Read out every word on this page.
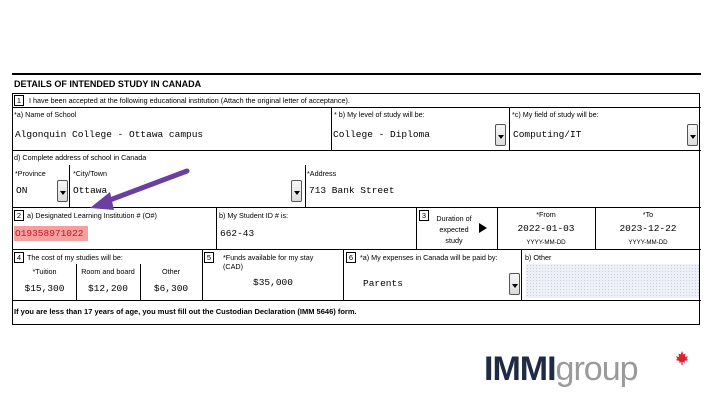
DETAILS OF INTENDED STUDY IN CANADA
1	I have been accepted at the following educational institution (Attach the original letter of acceptance).
*a) Name of School
Algonquin College - Ottawa campus
* b) My level of study will be:
College - Diploma
*c) My field of study will be:
Computing/IT
d) Complete address of school in Canada
*Province
ON
*City/Town
Ottawa
*Address
713 Bank Street
2 a) Designated Learning Institution # (O#)
O19358971022
b) My Student ID # is:
662-43
3	Duration of
expected
study
*From
2022-01-03
YYYY-MM-DD
*To
2023-12-22
YYYY-MM-DD
4 The cost of my studies will be:
*Tuition
$15,300
Room and board
$12,200
Other
$6,300
5	*Funds available for my stay
(CAD)
$35,000
6 *a) My expenses in Canada will be paid by:
Parents
b) Other
If you are less than 17 years of age, you must fill out the Custodian Declaration (IMM 5646) form.
IMMIgroup
